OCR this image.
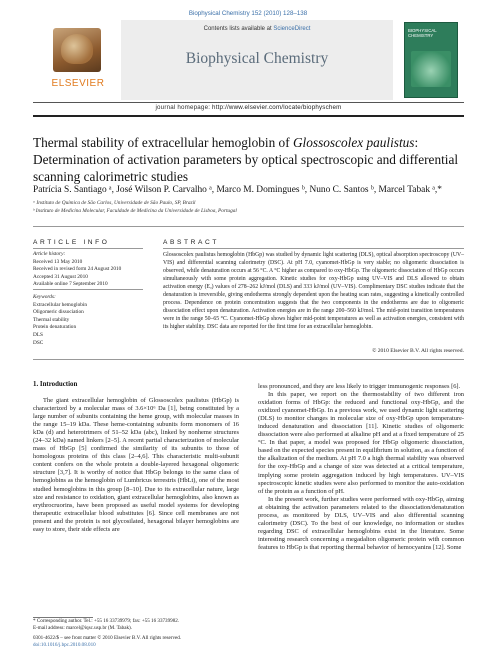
Biophysical Chemistry 152 (2010) 128–138
ELSEVIER
Contents lists available at ScienceDirect
Biophysical Chemistry
BIOPHYSICAL CHEMISTRY
journal homepage: http://www.elsevier.com/locate/biophyschem
Thermal stability of extracellular hemoglobin of Glossoscolex paulistus: Determination of activation parameters by optical spectroscopic and differential scanning calorimetric studies
Patrícia S. Santiago ᵃ, José Wilson P. Carvalho ᵃ, Marco M. Domingues ᵇ, Nuno C. Santos ᵇ, Marcel Tabak ᵃ,*
ᵃ Instituto de Química de São Carlos, Universidade de São Paulo, SP, Brazil
ᵇ Instituto de Medicina Molecular, Faculdade de Medicina da Universidade de Lisboa, Portugal
ARTICLE INFO
Article history:
Received 13 May 2010
Received in revised form 24 August 2010
Accepted 31 August 2010
Available online 7 September 2010
Keywords:
Extracellular hemoglobin
Oligomeric dissociation
Thermal stability
Protein denaturation
DLS
DSC
ABSTRACT
Glossoscolex paulistus hemoglobin (HbGp) was studied by dynamic light scattering (DLS), optical absorption spectroscopy (UV–VIS) and differential scanning calorimetry (DSC). At pH 7.0, cyanomet-HbGp is very stable; no oligomeric dissociation is observed, while denaturation occurs at 56 °C. A °C higher as compared to oxy-HbGp. The oligomeric dissociation of HbGp occurs simultaneously with some protein aggregation. Kinetic studies for oxy-HbGp using UV–VIS and DLS allowed to obtain activation energy (Eₐ) values of 278–262 kJ/mol (DLS) and 333 kJ/mol (UV–VIS). Complimentary DSC studies indicate that the denaturation is irreversible, giving endotherms strongly dependent upon the heating scan rates, suggesting a kinetically controlled process. Dependence on protein concentration suggests that the two components in the endotherms are due to oligomeric dissociation effect upon denaturation. Activation energies are in the range 200–560 kJ/mol. The mid-point transition temperatures were in the range 50–65 °C. Cyanomet-HbGp shows higher mid-point temperatures as well as activation energies, consistent with its higher stability. DSC data are reported for the first time for an extracellular hemoglobin.
© 2010 Elsevier B.V. All rights reserved.
1. Introduction

The giant extracellular hemoglobin of Glossoscolex paulistus (HbGp) is characterized by a molecular mass of 3.6×10⁶ Da [1], being constituted by a large number of subunits containing the heme group, with molecular masses in the range 15–19 kDa. These heme-containing subunits form monomers of 16 kDa (d) and heterotrimers of 51–52 kDa (abc), linked by nonheme structures (24–32 kDa) named linkers [2–5]. A recent partial characterization of molecular mass of HbGp [5] confirmed the similarity of its subunits to those of homologous proteins of this class [2–4,6]. This characteristic multi-subunit content confers on the whole protein a double-layered hexagonal oligomeric structure [3,7]. It is worthy of notice that HbGp belongs to the same class of hemoglobins as the hemoglobin of Lumbricus terrestris (HbLt), one of the most studied hemoglobins in this group [8–10]. Due to its extracellular nature, large size and resistance to oxidation, giant extracellular hemoglobins, also known as erythrocruorins, have been proposed as useful model systems for developing therapeutic extracellular blood substitutes [6]. Since cell membranes are not present and the protein is not glycosilated, hexagonal bilayer hemoglobins are easy to store, their side effects are

less pronounced, and they are less likely to trigger immunogenic responses [6].

In this paper, we report on the thermostability of two different iron oxidation forms of HbGp: the reduced and functional oxy-HbGp, and the oxidized cyanomet-HbGp. In a previous work, we used dynamic light scattering (DLS) to monitor changes in molecular size of oxy-HbGp upon temperature-induced denaturation and dissociation [11]. Kinetic studies of oligomeric dissociation were also performed at alkaline pH and at a fixed temperature of 25 °C. In that paper, a model was proposed for HbGp oligomeric dissociation, based on the expected species present in equilibrium in solution, as a function of the alkalization of the medium. At pH 7.0 a high thermal stability was observed for the oxy-HbGp and a change of size was detected at a critical temperature, implying some protein aggregation induced by high temperatures. UV–VIS spectroscopic kinetic studies were also performed to monitor the auto-oxidation of the protein as a function of pH.

In the present work, further studies were performed with oxy-HbGp, aiming at obtaining the activation parameters related to the dissociation/denaturation process, as monitored by DLS, UV–VIS and also differential scanning calorimetry (DSC). To the best of our knowledge, no information or studies regarding DSC of extracellular hemoglobins exist in the literature. Some interesting research concerning a megadalton oligomeric protein with common features to HbGp is that reporting thermal behavior of hemocyanins [12]. Some

* Corresponding author. Tel.: +55 16 33739979; fax: +55 16 33739982.
E-mail address: marcel@iqsc.usp.br (M. Tabak).
0301-4622/$ – see front matter © 2010 Elsevier B.V. All rights reserved.
doi:10.1016/j.bpc.2010.08.010
